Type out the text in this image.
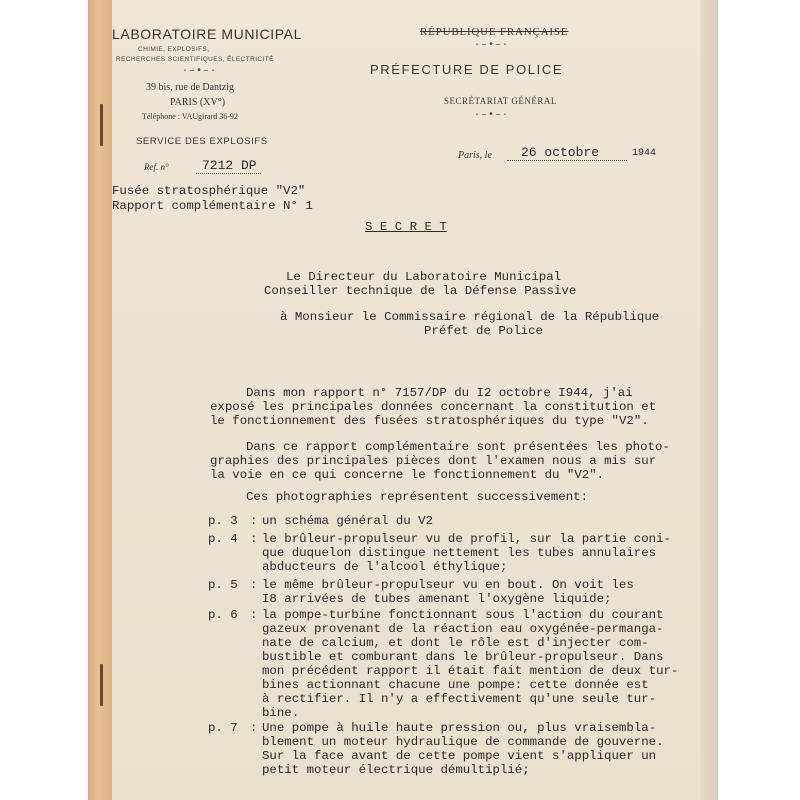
LABORATOIRE MUNICIPAL
CHIMIE, EXPLOSIFS,
RECHERCHES SCIENTIFIQUES, ÉLECTRICITÉ
·–•–·
39 bis, rue de Dantzig
PARIS (XV°)
Téléphone : VAUgirard 36-92
SERVICE DES EXPLOSIFS
Ref. n°	7212 DP
RÉPUBLIQUE FRANÇAISE
·–•–·
PRÉFECTURE DE POLICE
SECRÉTARIAT GÉNÉRAL
·–•–·
Paris, le	26 octobre	1944
Fusée stratosphérique "V2"
Rapport complémentaire N° 1
S E C R E T
Le Directeur du Laboratoire Municipal
Conseiller technique de la Défense Passive
à Monsieur le Commissaire régional de la République
Préfet de Police
Dans mon rapport n° 7157/DP du I2 octobre I944, j'ai
exposé les principales données concernant la constitution et
le fonctionnement des fusées stratosphériques du type "V2".
Dans ce rapport complémentaire sont présentées les photo-
graphies des principales pièces dont l'examen nous a mis sur
la voie en ce qui concerne le fonctionnement du "V2".
Ces photographies représentent successivement:
p. 3 : un schéma général du V2
p. 4 : le brûleur-propulseur vu de profil, sur la partie coni-
que duquelon distingue nettement les tubes annulaires
abducteurs de l'alcool éthylique;
p. 5 : le même brûleur-propulseur vu en bout. On voit les
I8 arrivées de tubes amenant l'oxygène liquide;
p. 6 : la pompe-turbine fonctionnant sous l'action du courant
gazeux provenant de la réaction eau oxygénée-permanga-
nate de calcium, et dont le rôle est d'injecter com-
bustible et comburant dans le brûleur-propulseur. Dans
mon précédent rapport il était fait mention de deux tur-
bines actionnant chacune une pompe: cette donnée est
à rectifier. Il n'y a effectivement qu'une seule tur-
bine.
p. 7 : Une pompe à huile haute pression ou, plus vraisembla-
blement un moteur hydraulique de commande de gouverne.
Sur la face avant de cette pompe vient s'appliquer un
petit moteur électrique démultiplié;
